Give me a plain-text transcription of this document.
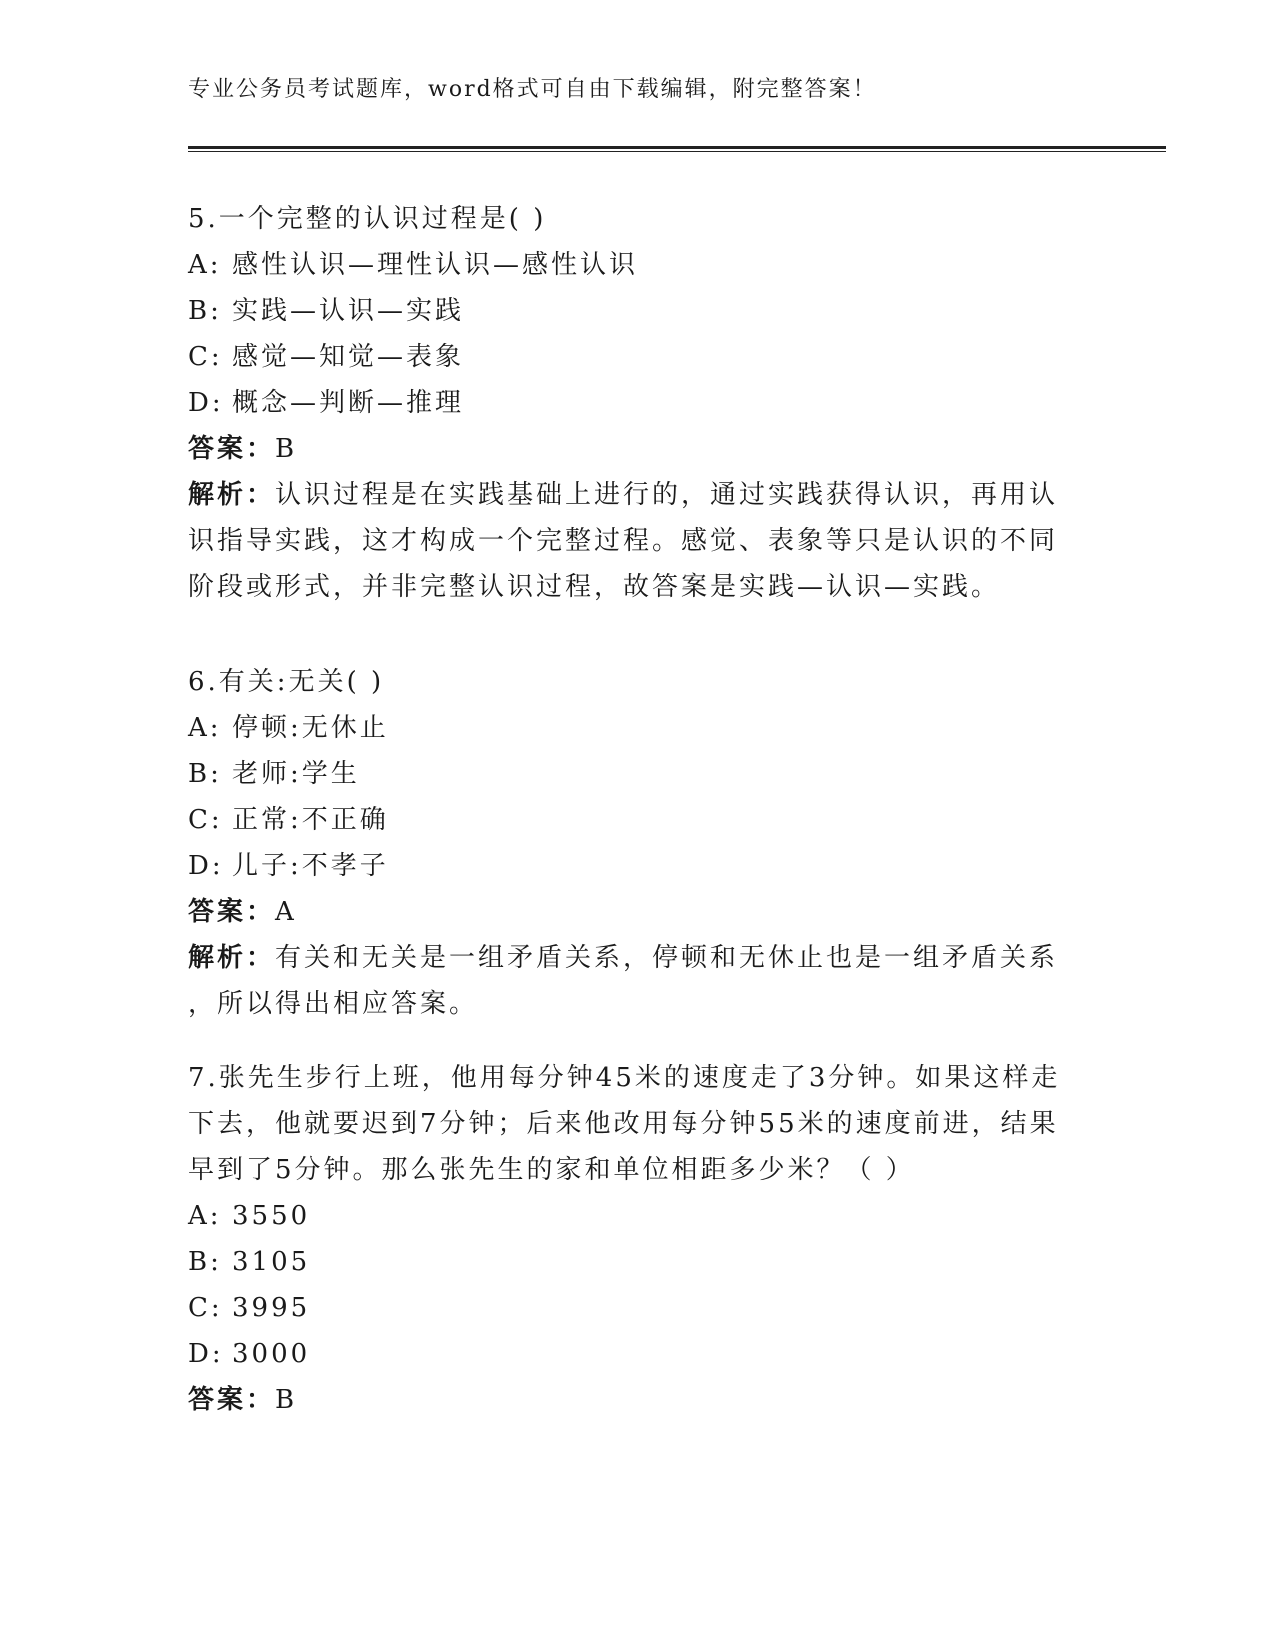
专业公务员考试题库，word格式可自由下载编辑，附完整答案！
5.一个完整的认识过程是( )
A: 感性认识—理性认识—感性认识
B: 实践—认识—实践
C: 感觉—知觉—表象
D: 概念—判断—推理
答案：B
解析：认识过程是在实践基础上进行的，通过实践获得认识，再用认
识指导实践，这才构成一个完整过程。感觉、表象等只是认识的不同
阶段或形式，并非完整认识过程，故答案是实践—认识—实践。
6.有关:无关( )
A: 停顿:无休止
B: 老师:学生
C: 正常:不正确
D: 儿子:不孝子
答案：A
解析：有关和无关是一组矛盾关系，停顿和无休止也是一组矛盾关系
，所以得出相应答案。
7.张先生步行上班，他用每分钟45米的速度走了3分钟。如果这样走
下去，他就要迟到7分钟；后来他改用每分钟55米的速度前进，结果
早到了5分钟。那么张先生的家和单位相距多少米？（ ）
A: 3550
B: 3105
C: 3995
D: 3000
答案：B
